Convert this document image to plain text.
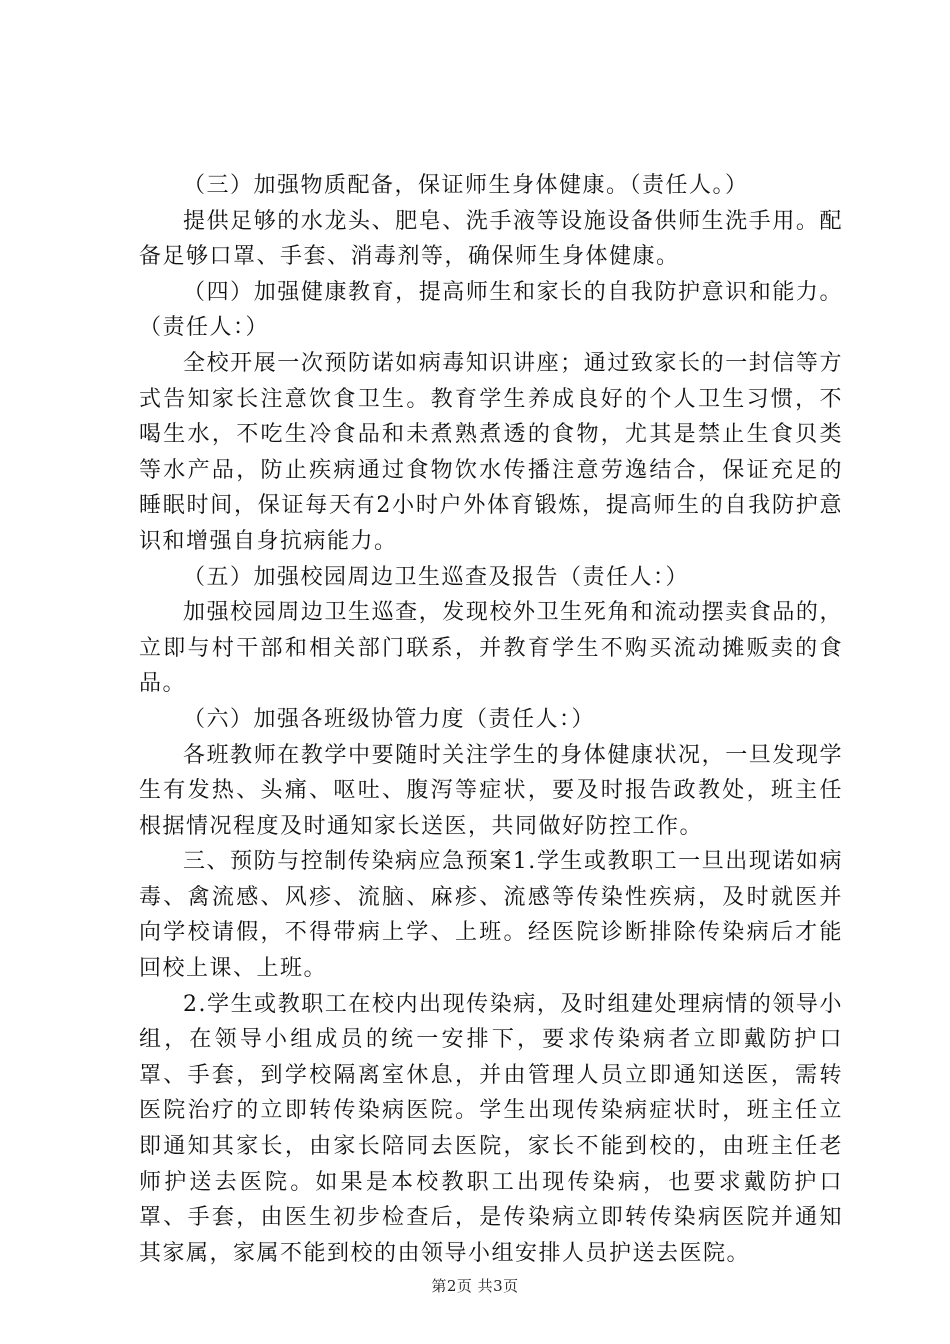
（三）加强物质配备，保证师生身体健康。（责任人。）

提供足够的水龙头、肥皂、洗手液等设施设备供师生洗手用。配备足够口罩、手套、消毒剂等，确保师生身体健康。

（四）加强健康教育，提高师生和家长的自我防护意识和能力。（责任人：）

全校开展一次预防诺如病毒知识讲座；通过致家长的一封信等方式告知家长注意饮食卫生。教育学生养成良好的个人卫生习惯，不喝生水，不吃生冷食品和未煮熟煮透的食物，尤其是禁止生食贝类等水产品，防止疾病通过食物饮水传播注意劳逸结合，保证充足的睡眠时间，保证每天有2小时户外体育锻炼，提高师生的自我防护意识和增强自身抗病能力。

（五）加强校园周边卫生巡查及报告（责任人：）

加强校园周边卫生巡查，发现校外卫生死角和流动摆卖食品的，立即与村干部和相关部门联系，并教育学生不购买流动摊贩卖的食品。

（六）加强各班级协管力度（责任人：）

各班教师在教学中要随时关注学生的身体健康状况，一旦发现学生有发热、头痛、呕吐、腹泻等症状，要及时报告政教处，班主任根据情况程度及时通知家长送医，共同做好防控工作。

三、预防与控制传染病应急预案1.学生或教职工一旦出现诺如病毒、禽流感、风疹、流脑、麻疹、流感等传染性疾病，及时就医并向学校请假，不得带病上学、上班。经医院诊断排除传染病后才能回校上课、上班。

2.学生或教职工在校内出现传染病，及时组建处理病情的领导小组，在领导小组成员的统一安排下，要求传染病者立即戴防护口罩、手套，到学校隔离室休息，并由管理人员立即通知送医，需转医院治疗的立即转传染病医院。学生出现传染病症状时，班主任立即通知其家长，由家长陪同去医院，家长不能到校的，由班主任老师护送去医院。如果是本校教职工出现传染病，也要求戴防护口罩、手套，由医生初步检查后，是传染病立即转传染病医院并通知其家属，家属不能到校的由领导小组安排人员护送去医院。

第2页 共3页
